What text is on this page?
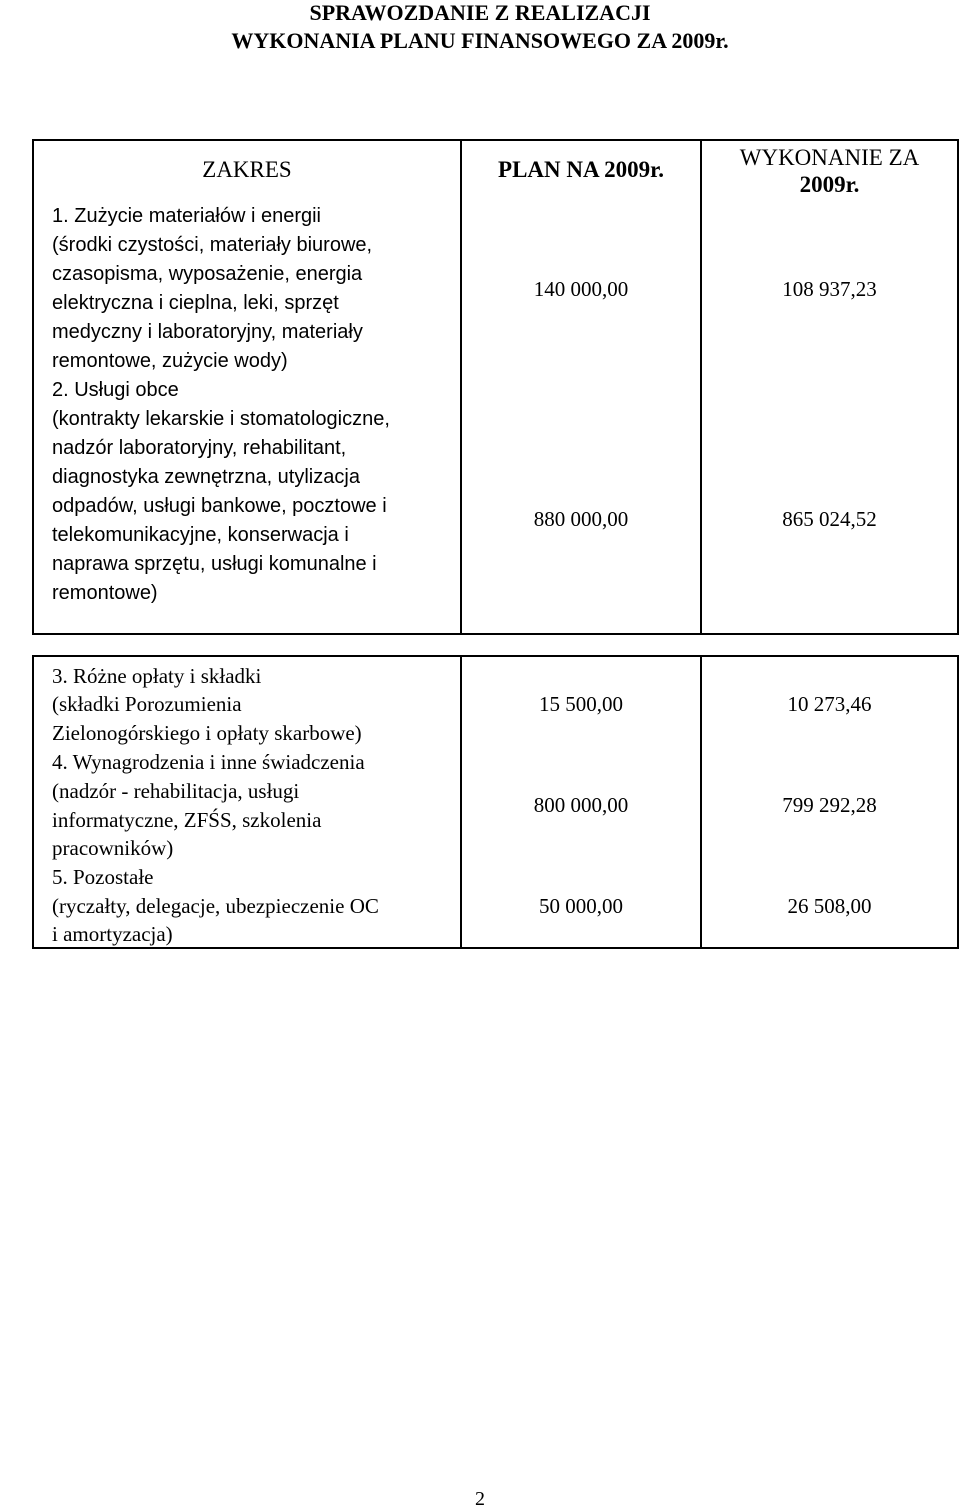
SPRAWOZDANIE Z REALIZACJI
WYKONANIA PLANU FINANSOWEGO ZA 2009r.
ZAKRES	PLAN NA 2009r.	WYKONANIE ZA
2009r.
1. Zużycie materiałów i energii
(środki czystości, materiały biurowe,
czasopisma, wyposażenie, energia
elektryczna i cieplna, leki, sprzęt
medyczny i laboratoryjny, materiały
remontowe, zużycie wody)
140 000,00	108 937,23
2. Usługi obce
(kontrakty lekarskie i stomatologiczne,
nadzór laboratoryjny, rehabilitant,
diagnostyka zewnętrzna, utylizacja
odpadów, usługi bankowe, pocztowe i
telekomunikacyjne, konserwacja i
naprawa sprzętu, usługi komunalne i
remontowe)
880 000,00	865 024,52
3. Różne opłaty i składki
(składki Porozumienia
Zielonogórskiego i opłaty skarbowe)
15 500,00	10 273,46
4. Wynagrodzenia i inne świadczenia
(nadzór - rehabilitacja, usługi
informatyczne, ZFŚS, szkolenia
pracowników)
800 000,00	799 292,28
5. Pozostałe
(ryczałty, delegacje, ubezpieczenie OC
i amortyzacja)
50 000,00	26 508,00
2
